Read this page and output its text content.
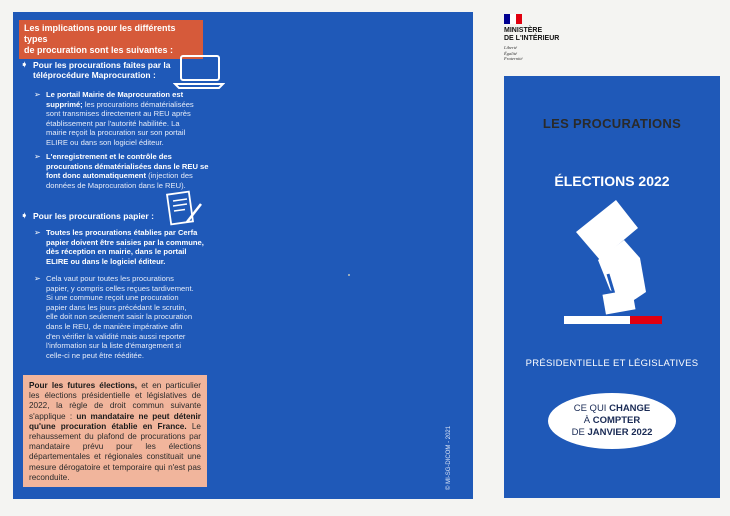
Les implications pour les différents types
de procuration sont les suivantes :
➧ Pour les procurations faites par la
téléprocédure Maprocuration :
➢ Le portail Mairie de Maprocuration est
supprimé; les procurations dématérialisées
sont transmises directement au REU après
établissement par l'autorité habilitée. La
mairie reçoit la procuration sur son portail
ELIRE ou dans son logiciel éditeur.
➢ L'enregistrement et le contrôle des
procurations dématérialisées dans le REU se
font donc automatiquement (injection des
données de Maprocuration dans le REU).
➧ Pour les procurations papier :
➢ Toutes les procurations établies par Cerfa
papier doivent être saisies par la commune,
dès réception en mairie, dans le portail
ELIRE ou dans le logiciel éditeur.
➢ Cela vaut pour toutes les procurations
papier, y compris celles reçues tardivement.
Si une commune reçoit une procuration
papier dans les jours précédant le scrutin,
elle doit non seulement saisir la procuration
dans le REU, de manière impérative afin
d'en vérifier la validité mais aussi reporter
l'information sur la liste d'émargement si
celle-ci ne peut être rééditée.
Pour les futures élections, et en particulier les élections présidentielle et législatives de 2022, la règle de droit commun suivante s'applique : un mandataire ne peut détenir qu'une procuration établie en France. Le rehaussement du plafond de procurations par mandataire prévu pour les élections départementales et régionales constituait une mesure dérogatoire et temporaire qui n'est pas reconduite.	© MI-SG-DICOM - 2021
MINISTÈRE
DE L'INTÉRIEUR
Liberté
Égalité
Fraternité
LES PROCURATIONS
ÉLECTIONS 2022
PRÉSIDENTIELLE ET LÉGISLATIVES
CE QUI CHANGE
À COMPTER
DE JANVIER 2022
